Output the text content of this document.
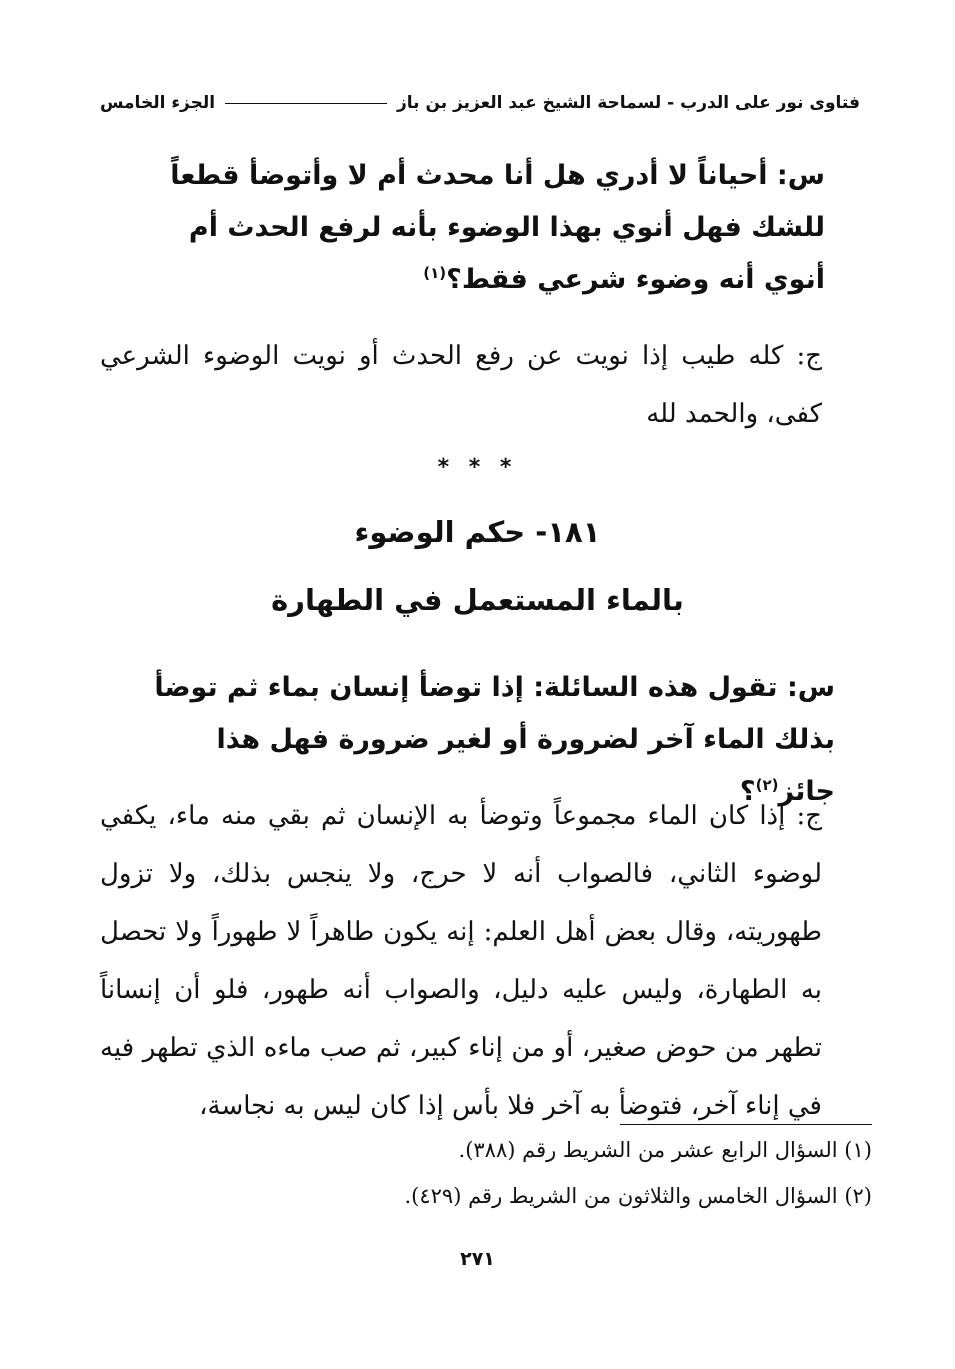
فتاوى نور على الدرب - لسماحة الشيخ عبد العزيز بن باز
الجزء الخامس
س: أحياناً لا أدري هل أنا محدث أم لا وأتوضأ قطعاً للشك فهل أنوي بهذا الوضوء بأنه لرفع الحدث أم أنوي أنه وضوء شرعي فقط؟$^{(١)}$
ج: كله طيب إذا نويت عن رفع الحدث أو نويت الوضوء الشرعي كفى، والحمد لله
* * *
١٨١- حكم الوضوء
بالماء المستعمل في الطهارة
س: تقول هذه السائلة: إذا توضأ إنسان بماء ثم توضأ بذلك الماء آخر لضرورة أو لغير ضرورة فهل هذا جائز$^{(٢)}$؟
ج: إذا كان الماء مجموعاً وتوضأ به الإنسان ثم بقي منه ماء، يكفي لوضوء الثاني، فالصواب أنه لا حرج، ولا ينجس بذلك، ولا تزول طهوريته، وقال بعض أهل العلم: إنه يكون طاهراً لا طهوراً ولا تحصل به الطهارة، وليس عليه دليل، والصواب أنه طهور، فلو أن إنساناً تطهر من حوض صغير، أو من إناء كبير، ثم صب ماءه الذي تطهر فيه في إناء آخر، فتوضأ به آخر فلا بأس إذا كان ليس به نجاسة،
(١) السؤال الرابع عشر من الشريط رقم (٣٨٨).
(٢) السؤال الخامس والثلاثون من الشريط رقم (٤٢٩).
٢٧١
